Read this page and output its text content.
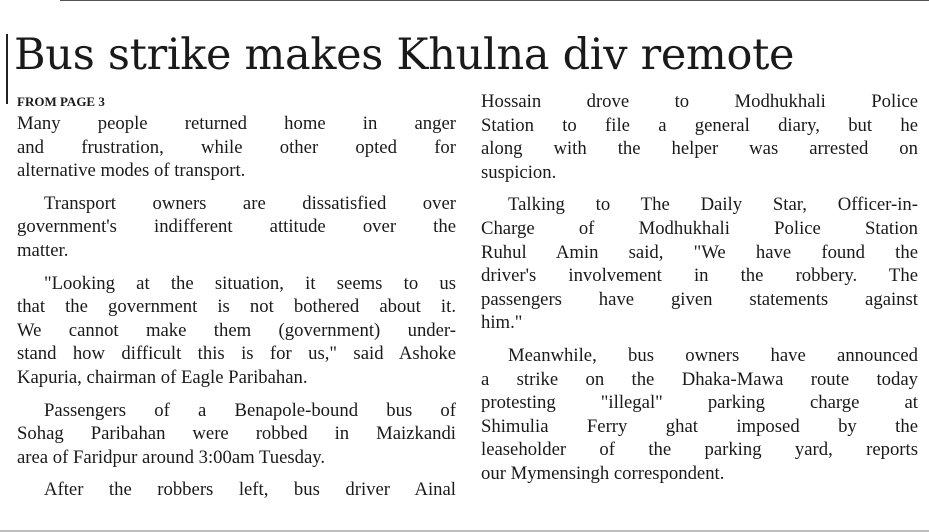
Bus strike makes Khulna div remote
FROM PAGE 3
Many people returned home in anger
and frustration, while other opted for
alternative modes of transport.
Transport owners are dissatisfied over
government's indifferent attitude over the
matter.
"Looking at the situation, it seems to us
that the government is not bothered about it.
We cannot make them (government) under-
stand how difficult this is for us," said Ashoke
Kapuria, chairman of Eagle Paribahan.
Passengers of a Benapole-bound bus of
Sohag Paribahan were robbed in Maizkandi
area of Faridpur around 3:00am Tuesday.
After the robbers left, bus driver Ainal
Hossain drove to Modhukhali Police
Station to file a general diary, but he
along with the helper was arrested on
suspicion.
Talking to The Daily Star, Officer-in-
Charge of Modhukhali Police Station
Ruhul Amin said, "We have found the
driver's involvement in the robbery. The
passengers have given statements against
him."
Meanwhile, bus owners have announced
a strike on the Dhaka-Mawa route today
protesting "illegal" parking charge at
Shimulia Ferry ghat imposed by the
leaseholder of the parking yard, reports
our Mymensingh correspondent.
